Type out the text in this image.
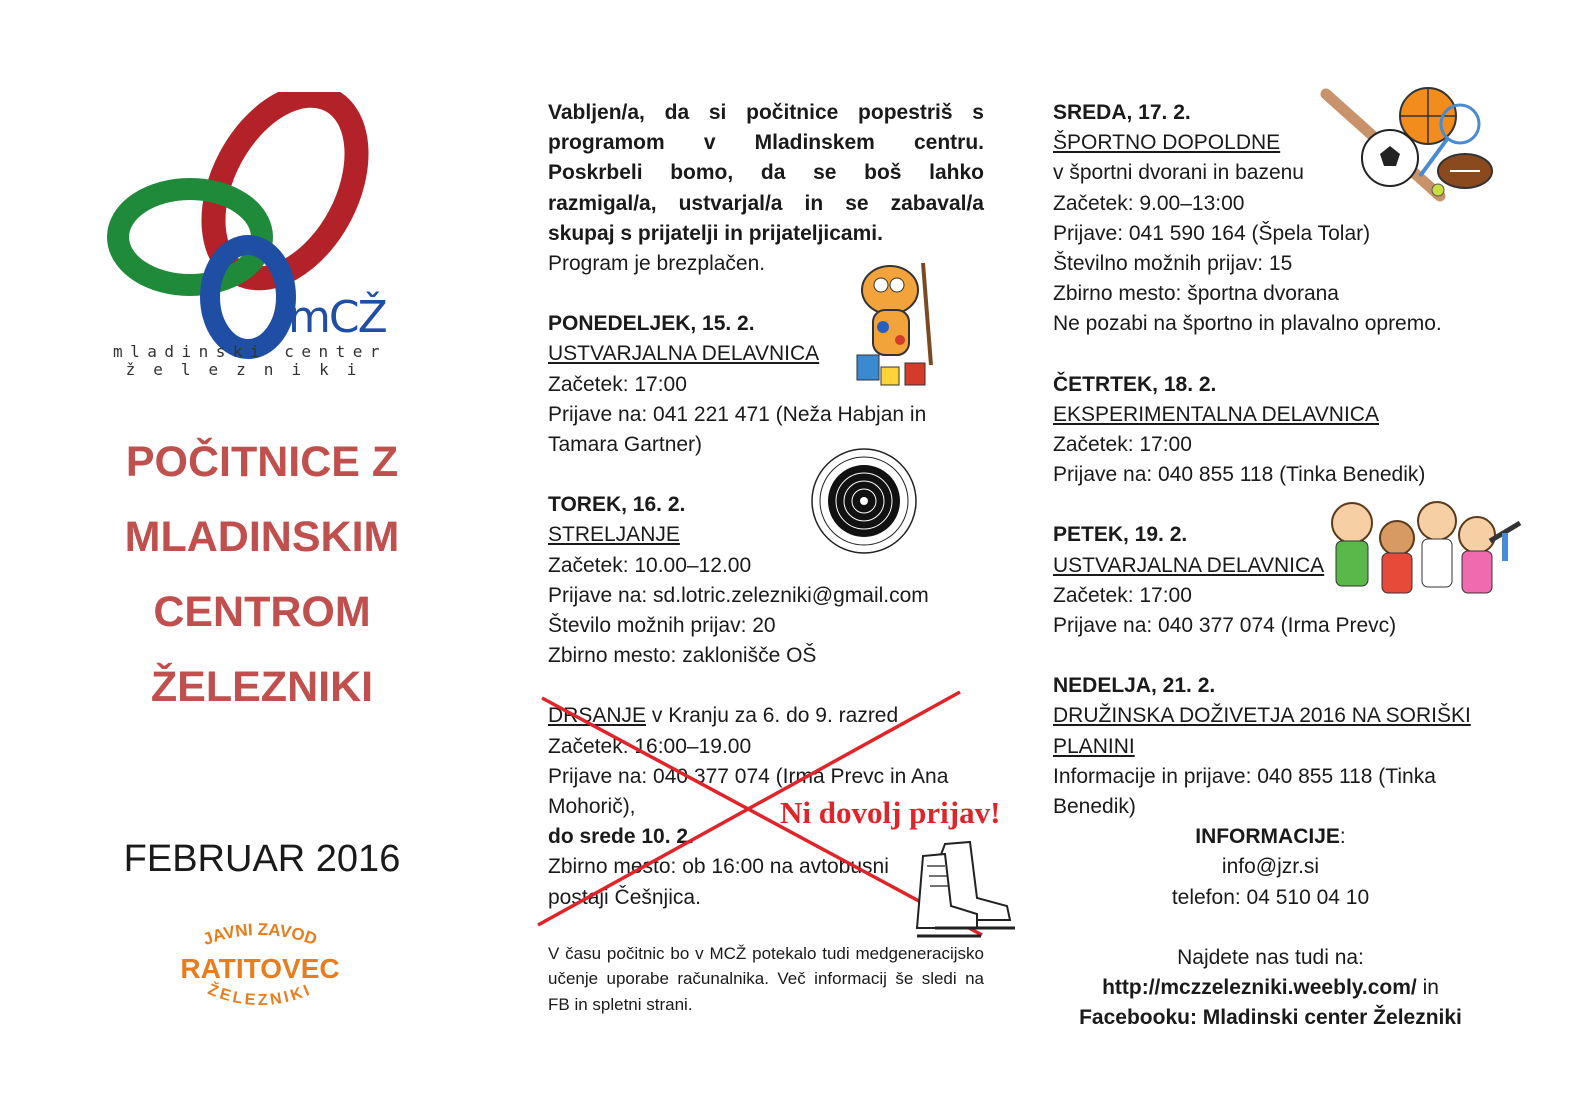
mCŽ
mladinski center
železniki

POČITNICE Z

MLADINSKIM

CENTROM

ŽELEZNIKI

FEBRUAR 2016
JAVNI ZAVOD
RATITOVEC
ŽELEZNIKI

Vabljen/a, da si počitnice popestriš s programom v Mladinskem centru. Poskrbeli bomo, da se boš lahko razmigal/a, ustvarjal/a in se zabaval/a skupaj s prijatelji in prijateljicami.

Program je brezplačen.

PONEDELJEK, 15. 2.

USTVARJALNA DELAVNICA

Začetek: 17:00

Prijave na: 041 221 471 (Neža Habjan in Tamara Gartner)

TOREK, 16. 2.

STRELJANJE

Začetek: 10.00–12.00

Prijave na: sd.lotric.zelezniki@gmail.com

Število možnih prijav: 20

Zbirno mesto: zaklonišče OŠ

DRSANJE v Kranju za 6. do 9. razred

Začetek: 16:00–19.00

Prijave na: 040 377 074 (Irma Prevc in Ana Mohorič),

do srede 10. 2.

Zbirno mesto: ob 16:00 na avtobusni postaji Češnjica.

V času počitnic bo v MCŽ potekalo tudi medgeneracijsko učenje uporabe računalnika. Več informacij še sledi na FB in spletni strani.

Ni dovolj prijav!

SREDA, 17. 2.

ŠPORTNO DOPOLDNE

v športni dvorani in bazenu

Začetek: 9.00–13:00

Prijave: 041 590 164 (Špela Tolar)

Številno možnih prijav: 15

Zbirno mesto: športna dvorana

Ne pozabi na športno in plavalno opremo.

ČETRTEK, 18. 2.

EKSPERIMENTALNA DELAVNICA

Začetek: 17:00

Prijave na: 040 855 118 (Tinka Benedik)

PETEK, 19. 2.

USTVARJALNA DELAVNICA

Začetek: 17:00

Prijave na: 040 377 074 (Irma Prevc)

NEDELJA, 21. 2.

DRUŽINSKA DOŽIVETJA 2016 NA SORIŠKI PLANINI

Informacije in prijave: 040 855 118 (Tinka Benedik)

INFORMACIJE:

info@jzr.si

telefon: 04 510 04 10

Najdete nas tudi na:

http://mczzelezniki.weebly.com/ in

Facebooku: Mladinski center Železniki
